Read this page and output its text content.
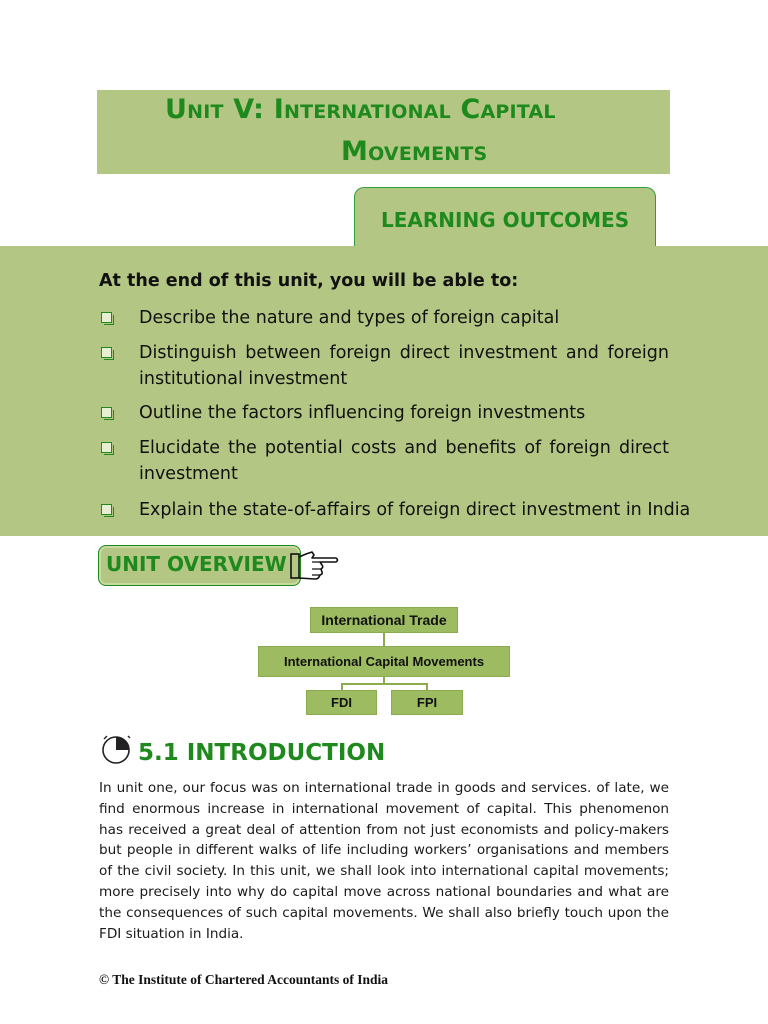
Unit V: International Capital
Movements
LEARNING OUTCOMES
At the end of this unit, you will be able to:
Describe the nature and types of foreign capital
Distinguish between foreign direct investment and foreign institutional investment
Outline the factors influencing foreign investments
Elucidate the potential costs and benefits of foreign direct investment
Explain the state-of-affairs of foreign direct investment in India
UNIT OVERVIEW
International Trade
International Capital Movements
FDI	FPI
5.1 INTRODUCTION
In unit one, our focus was on international trade in goods and services. of late, we find enormous increase in international movement of capital. This phenomenon has received a great deal of attention from not just economists and policy-makers but people in different walks of life including workers’ organisations and members of the civil society. In this unit, we shall look into international capital movements; more precisely into why do capital move across national boundaries and what are the consequences of such capital movements. We shall also briefly touch upon the FDI situation in India.
© The Institute of Chartered Accountants of India
